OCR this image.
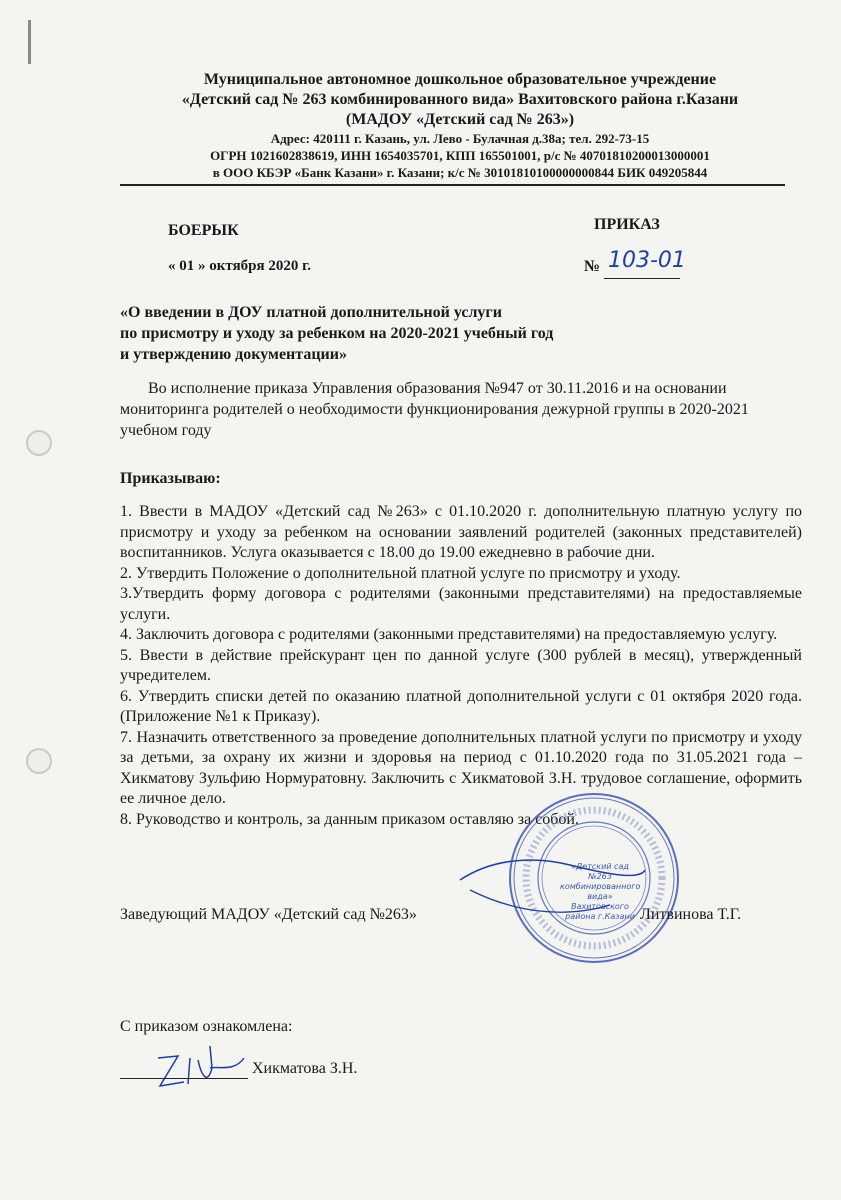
Муниципальное автономное дошкольное образовательное учреждение
«Детский сад № 263 комбинированного вида» Вахитовского района г.Казани
(МАДОУ «Детский сад № 263»)
Адрес: 420111 г. Казань, ул. Лево - Булачная д.38а; тел. 292-73-15
ОГРН 1021602838619, ИНН 1654035701, КПП 165501001, р/с № 40701810200013000001
в ООО КБЭР «Банк Казани» г. Казани; к/с № 30101810100000000844 БИК 049205844
БОЕРЫК	ПРИКАЗ
« 01 » октября 2020 г.	№ 103-01
«О введении в ДОУ платной дополнительной услуги
по присмотру и уходу за ребенком на 2020-2021 учебный год
и утверждению документации»
Во исполнение приказа Управления образования №947 от 30.11.2016 и на основании мониторинга родителей о необходимости функционирования дежурной группы в 2020-2021 учебном году
Приказываю:

1. Ввести в МАДОУ «Детский сад №263» с 01.10.2020 г. дополнительную платную услугу по присмотру и уходу за ребенком на основании заявлений родителей (законных представителей) воспитанников. Услуга оказывается с 18.00 до 19.00 ежедневно в рабочие дни.

2. Утвердить Положение о дополнительной платной услуге по присмотру и уходу.

3.Утвердить форму договора с родителями (законными представителями) на предоставляемые услуги.

4. Заключить договора с родителями (законными представителями) на предоставляемую услугу.

5. Ввести в действие прейскурант цен по данной услуге (300 рублей в месяц), утвержденный учредителем.

6. Утвердить списки детей по оказанию платной дополнительной услуги с 01 октября 2020 года. (Приложение №1 к Приказу).

7. Назначить ответственного за проведение дополнительных платной услуги по присмотру и уходу за детьми, за охрану их жизни и здоровья на период с 01.10.2020 года по 31.05.2021 года – Хикматову Зульфию Нормуратовну. Заключить с Хикматовой З.Н. трудовое соглашение, оформить ее личное дело.

8. Руководство и контроль, за данным приказом оставляю за собой.

«Детский сад №263 комбинированного вида» Вахитовского района г.Казани
Заведующий МАДОУ «Детский сад №263»	Литвинова Т.Г.
С приказом ознакомлена:
Хикматова З.Н.
